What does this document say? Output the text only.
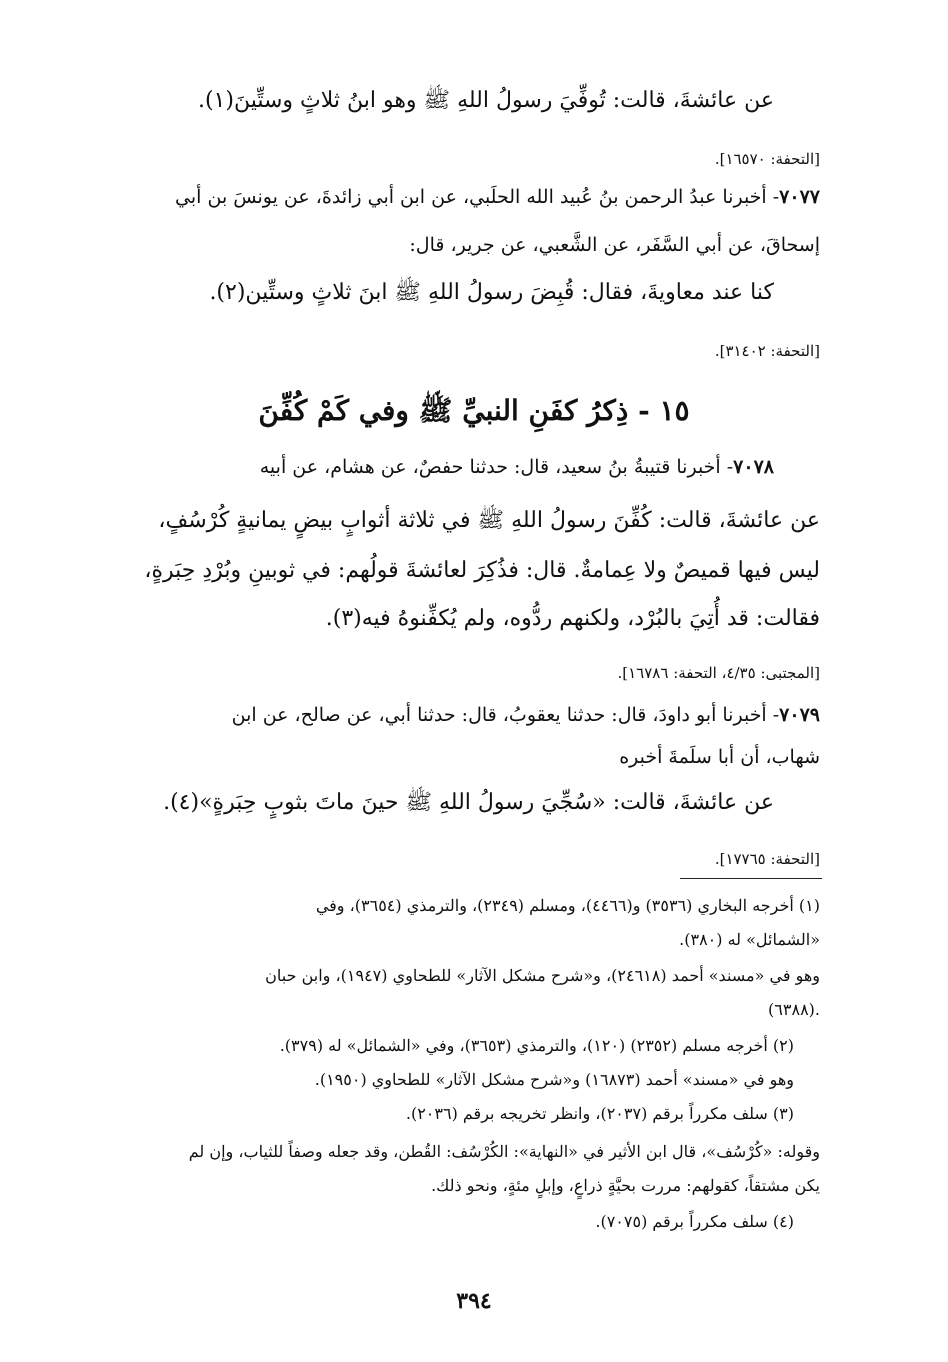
عن عائشةَ، قالت: تُوفِّيَ رسولُ اللهِ ﷺ وهو ابنُ ثلاثٍ وستِّينَ(١).

[التحفة: ١٦٥٧٠].

٧٠٧٧- أخبرنا عبدُ الرحمن بنُ عُبيد الله الحلَبي، عن ابن أبي زائدةَ، عن يونسَ بن أبي

إسحاقَ، عن أبي السَّفَر، عن الشَّعبي، عن جرير، قال:

كنا عند معاويةَ، فقال: قُبِضَ رسولُ اللهِ ﷺ ابنَ ثلاثٍ وستِّين(٢).

[التحفة: ٣١٤٠٢].

١٥ - ذِكرُ كفَنِ النبيِّ ﷺ وفي كَمْ كُفِّنَ

٧٠٧٨- أخبرنا قتيبةُ بنُ سعيد، قال: حدثنا حفصٌ، عن هشام، عن أبيه

عن عائشةَ، قالت: كُفِّنَ رسولُ اللهِ ﷺ في ثلاثة أثوابٍ بيضٍ يمانيةٍ كُرْسُفٍ،

ليس فيها قميصٌ ولا عِمامةٌ. قال: فذُكِرَ لعائشةَ قولُهم: في ثوبينِ وبُرْدِ حِبَرةٍ،

فقالت: قد أُتِيَ بالبُرْد، ولكنهم ردُّوه، ولم يُكفِّنوهُ فيه(٣).

[المجتبى: ٤/٣٥، التحفة: ١٦٧٨٦].

٧٠٧٩- أخبرنا أبو داودَ، قال: حدثنا يعقوبُ، قال: حدثنا أبي، عن صالح، عن ابن

شهاب، أن أبا سلَمةَ أخبره

عن عائشةَ، قالت: «سُجِّيَ رسولُ اللهِ ﷺ حينَ ماتَ بثوبٍ حِبَرةٍ»(٤).

[التحفة: ١٧٧٦٥].

(١) أخرجه البخاري (٣٥٣٦) و(٤٤٦٦)، ومسلم (٢٣٤٩)، والترمذي (٣٦٥٤)، وفي

«الشمائل» له (٣٨٠).

وهو في «مسند» أحمد (٢٤٦١٨)، و«شرح مشكل الآثار» للطحاوي (١٩٤٧)، وابن حبان

(٦٣٨٨).

(٢) أخرجه مسلم (٢٣٥٢) (١٢٠)، والترمذي (٣٦٥٣)، وفي «الشمائل» له (٣٧٩).

وهو في «مسند» أحمد (١٦٨٧٣) و«شرح مشكل الآثار» للطحاوي (١٩٥٠).

(٣) سلف مكرراً برقم (٢٠٣٧)، وانظر تخريجه برقم (٢٠٣٦).

وقوله: «كُرْسُف»، قال ابن الأثير في «النهاية»: الكُرْسُف: القُطن، وقد جعله وصفاً للثياب، وإن لم

يكن مشتقاً، كقولهم: مررت بحيَّةٍ ذراعٍ، وإبلٍ مئةٍ، ونحو ذلك.

(٤) سلف مكرراً برقم (٧٠٧٥).

٣٩٤
